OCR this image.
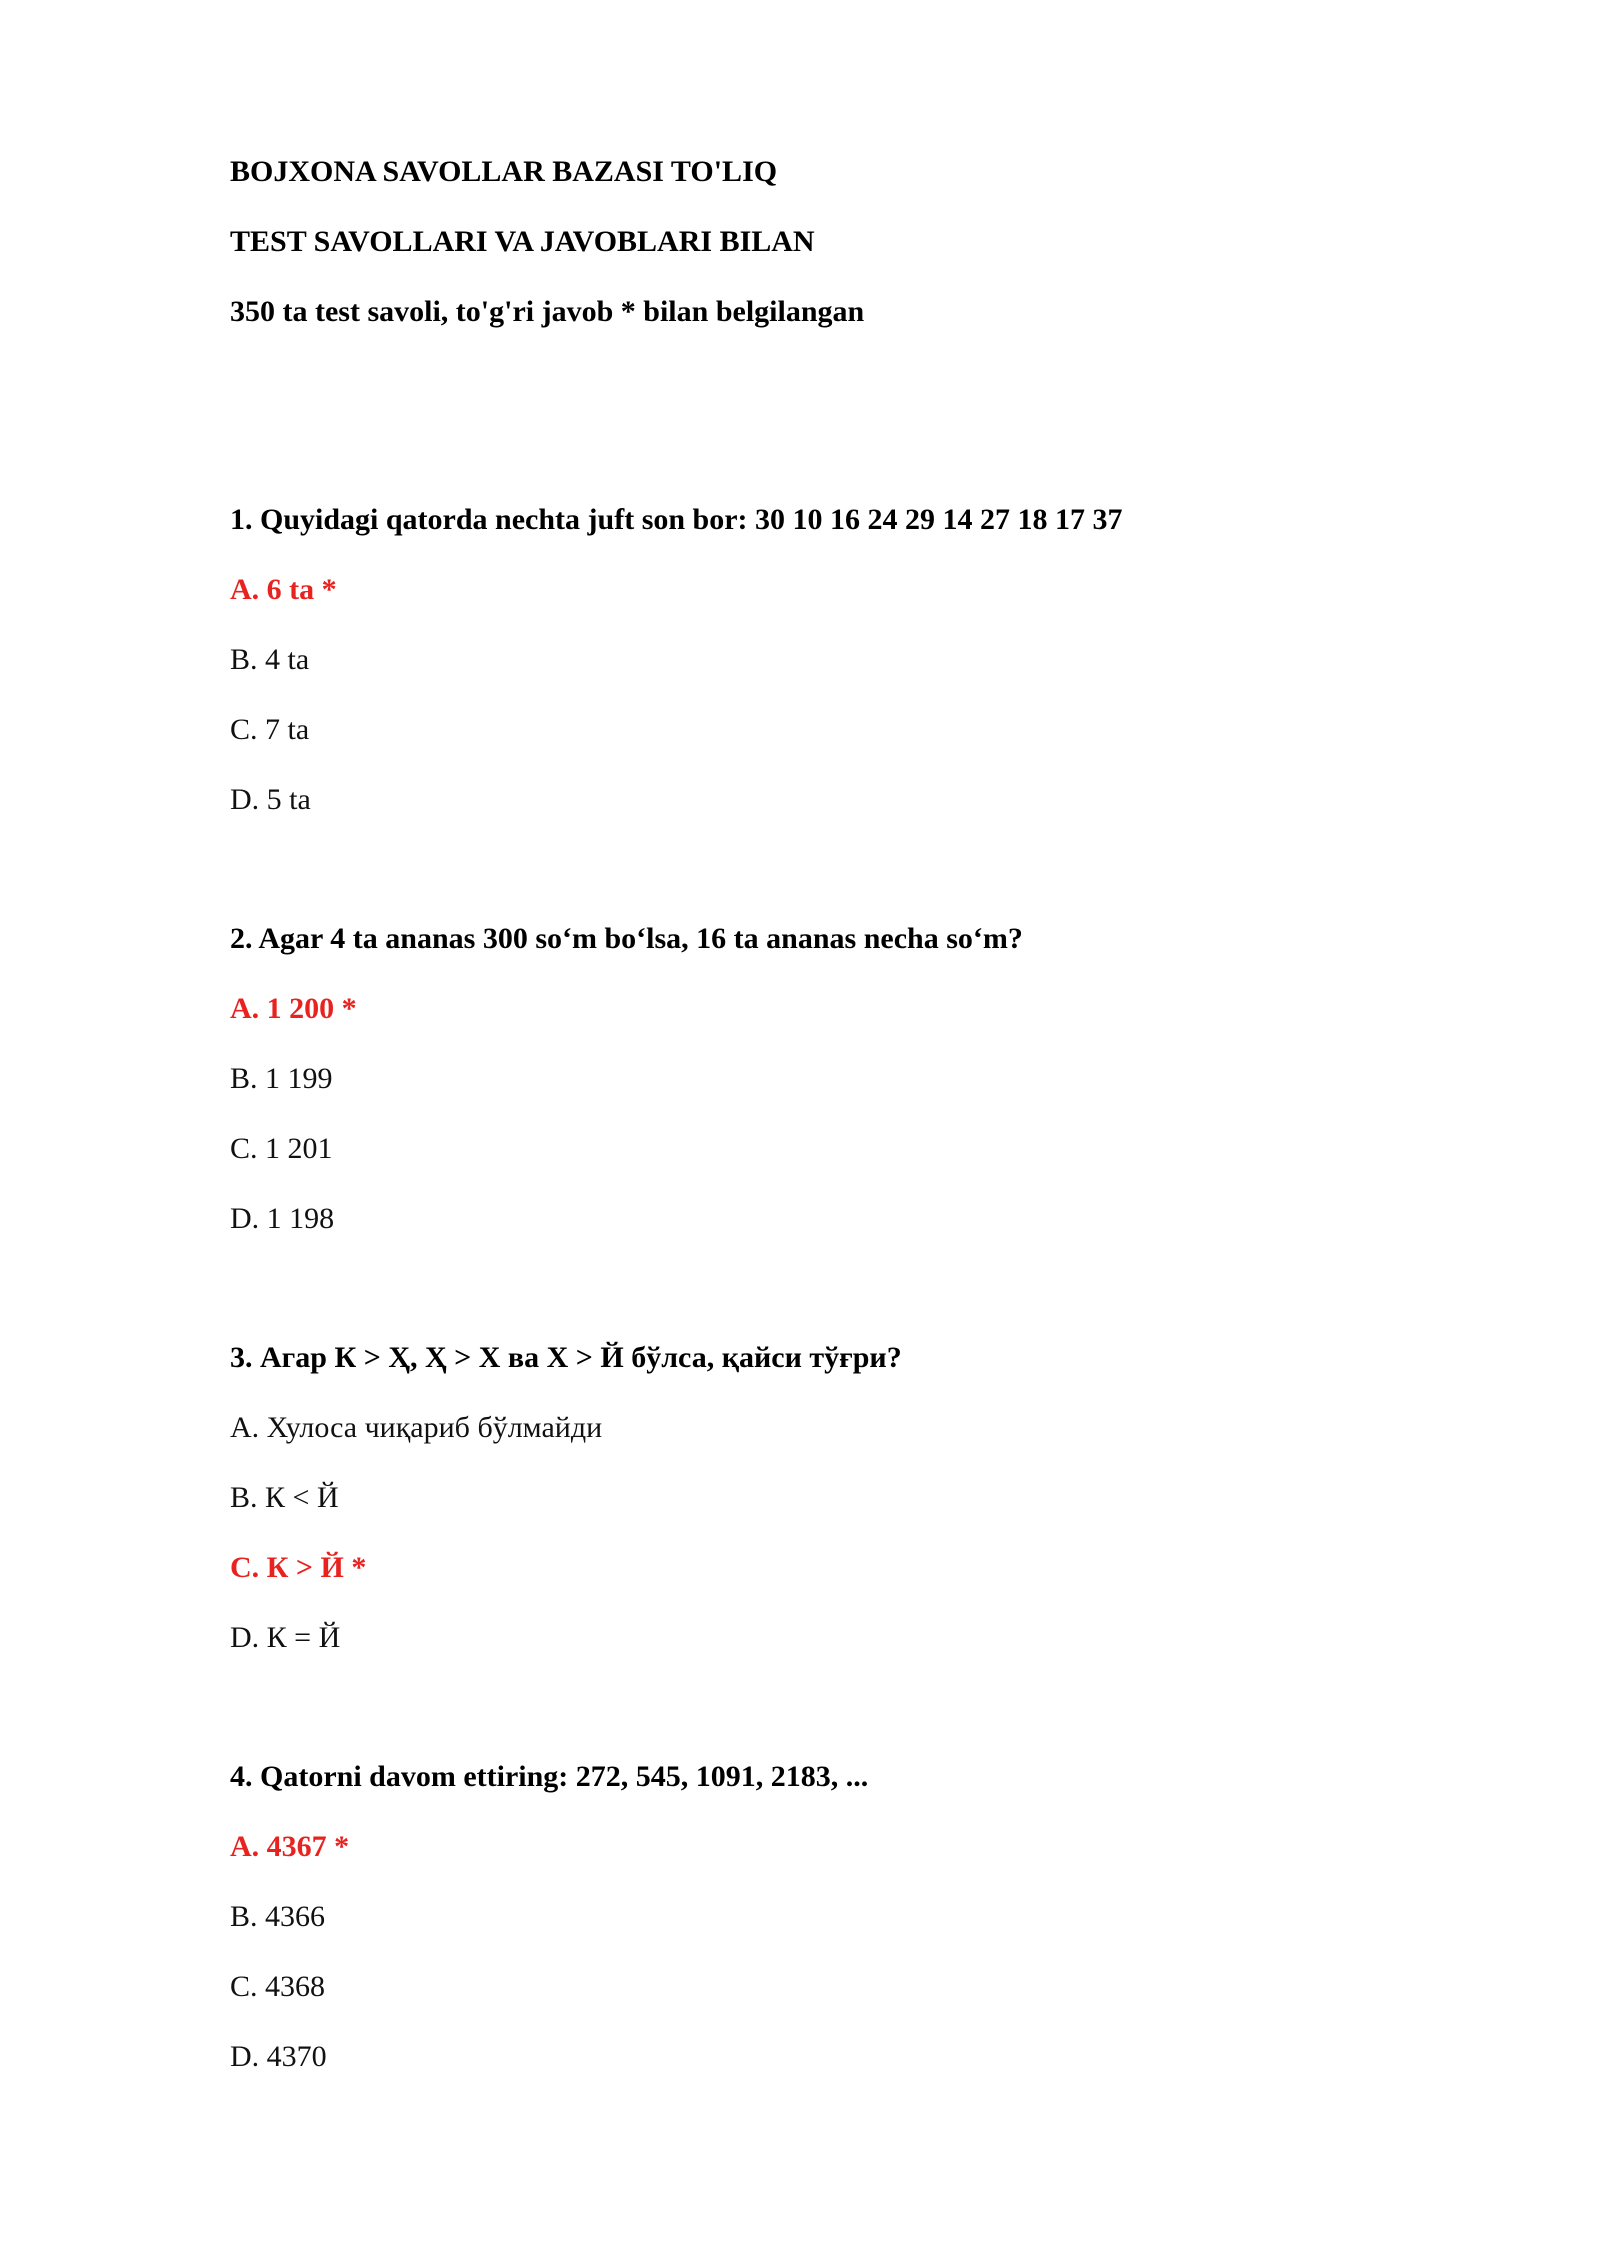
BOJXONA SAVOLLAR BAZASI TO'LIQ

TEST SAVOLLARI VA JAVOBLARI BILAN

350 ta test savoli, to'g'ri javob * bilan belgilangan

1. Quyidagi qatorda nechta juft son bor: 30 10 16 24 29 14 27 18 17 37

A. 6 ta *

B. 4 ta

C. 7 ta

D. 5 ta

2. Agar 4 ta ananas 300 so‘m bo‘lsa, 16 ta ananas necha so‘m?

A. 1 200 *

B. 1 199

C. 1 201

D. 1 198

3. Агар К > Ҳ, Ҳ > Х ва Х > Й бўлса, қайси тўғри?

A. Хулоса чиқариб бўлмайди

B. К < Й

C. К > Й *

D. К = Й

4. Qatorni davom ettiring: 272, 545, 1091, 2183, ...

A. 4367 *

B. 4366

C. 4368

D. 4370
